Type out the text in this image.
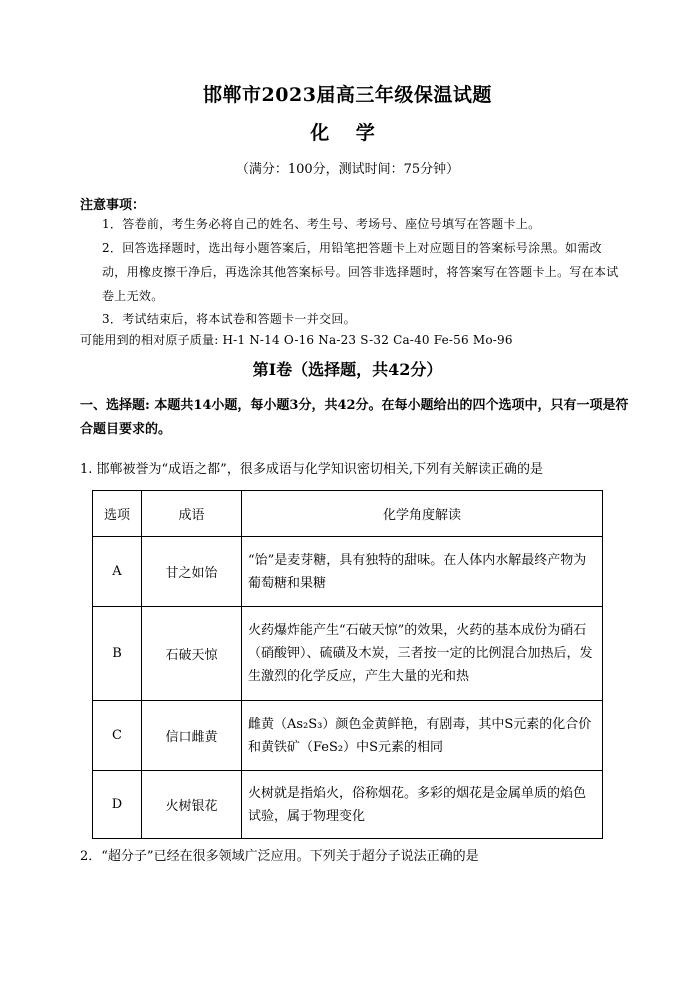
邯郸市2023届高三年级保温试题
化 学
（满分：100分，测试时间：75分钟）
注意事项：
1．答卷前，考生务必将自己的姓名、考生号、考场号、座位号填写在答题卡上。
2．回答选择题时，选出每小题答案后，用铅笔把答题卡上对应题目的答案标号涂黑。如需改动，用橡皮擦干净后，再选涂其他答案标号。回答非选择题时，将答案写在答题卡上。写在本试卷上无效。
3．考试结束后，将本试卷和答题卡一并交回。
可能用到的相对原子质量: H-1 N-14 O-16 Na-23 S-32 Ca-40 Fe-56 Mo-96
第Ⅰ卷（选择题，共42分）
一、选择题: 本题共14小题，每小题3分，共42分。在每小题给出的四个选项中，只有一项是符合题目要求的。
1. 邯郸被誉为“成语之都”，很多成语与化学知识密切相关,下列有关解读正确的是
选项	成语	化学角度解读
A	甘之如饴	“饴”是麦芽糖，具有独特的甜味。在人体内水解最终产物为葡萄糖和果糖
B	石破天惊	火药爆炸能产生“石破天惊”的效果，火药的基本成份为硝石（硝酸钾）、硫磺及木炭，三者按一定的比例混合加热后，发生激烈的化学反应，产生大量的光和热
C	信口雌黄	雌黄（As₂S₃）颜色金黄鲜艳，有剧毒，其中S元素的化合价和黄铁矿（FeS₂）中S元素的相同
D	火树银花	火树就是指焰火，俗称烟花。多彩的烟花是金属单质的焰色试验，属于物理变化
2．“超分子”已经在很多领域广泛应用。下列关于超分子说法正确的是
